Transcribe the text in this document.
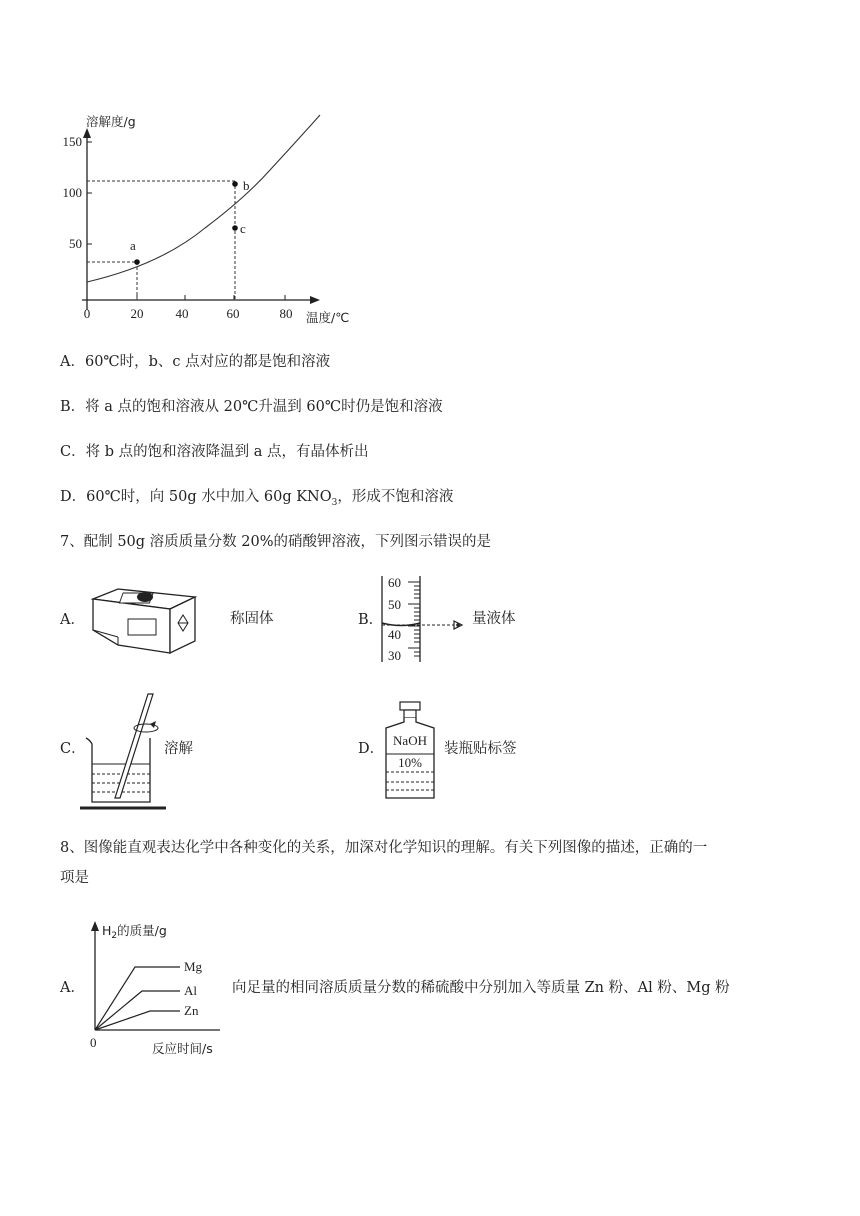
50
100
150
0	20 40	60	80
溶解度/g
温度/℃
a
b
c
A．60℃时，b、c 点对应的都是饱和溶液
B．将 a 点的饱和溶液从 20℃升温到 60℃时仍是饱和溶液
C．将 b 点的饱和溶液降温到 a 点，有晶体析出
D．60℃时，向 50g 水中加入 60g $KNO_3$，形成不饱和溶液
7、配制 50g 溶质质量分数 20%的硝酸钾溶液，下列图示错误的是
A．	称固体	B．
60
50
40
30
量液体
C．	溶解	D．
NaOH
10%
装瓶贴标签
8、图像能直观表达化学中各种变化的关系，加深对化学知识的理解。有关下列图像的描述，正确的一
项是
A．
$H_2$的质量/g
Mg
Al
Zn
0	反应时间/s
向足量的相同溶质质量分数的稀硫酸中分别加入等质量 Zn 粉、Al 粉、Mg 粉
